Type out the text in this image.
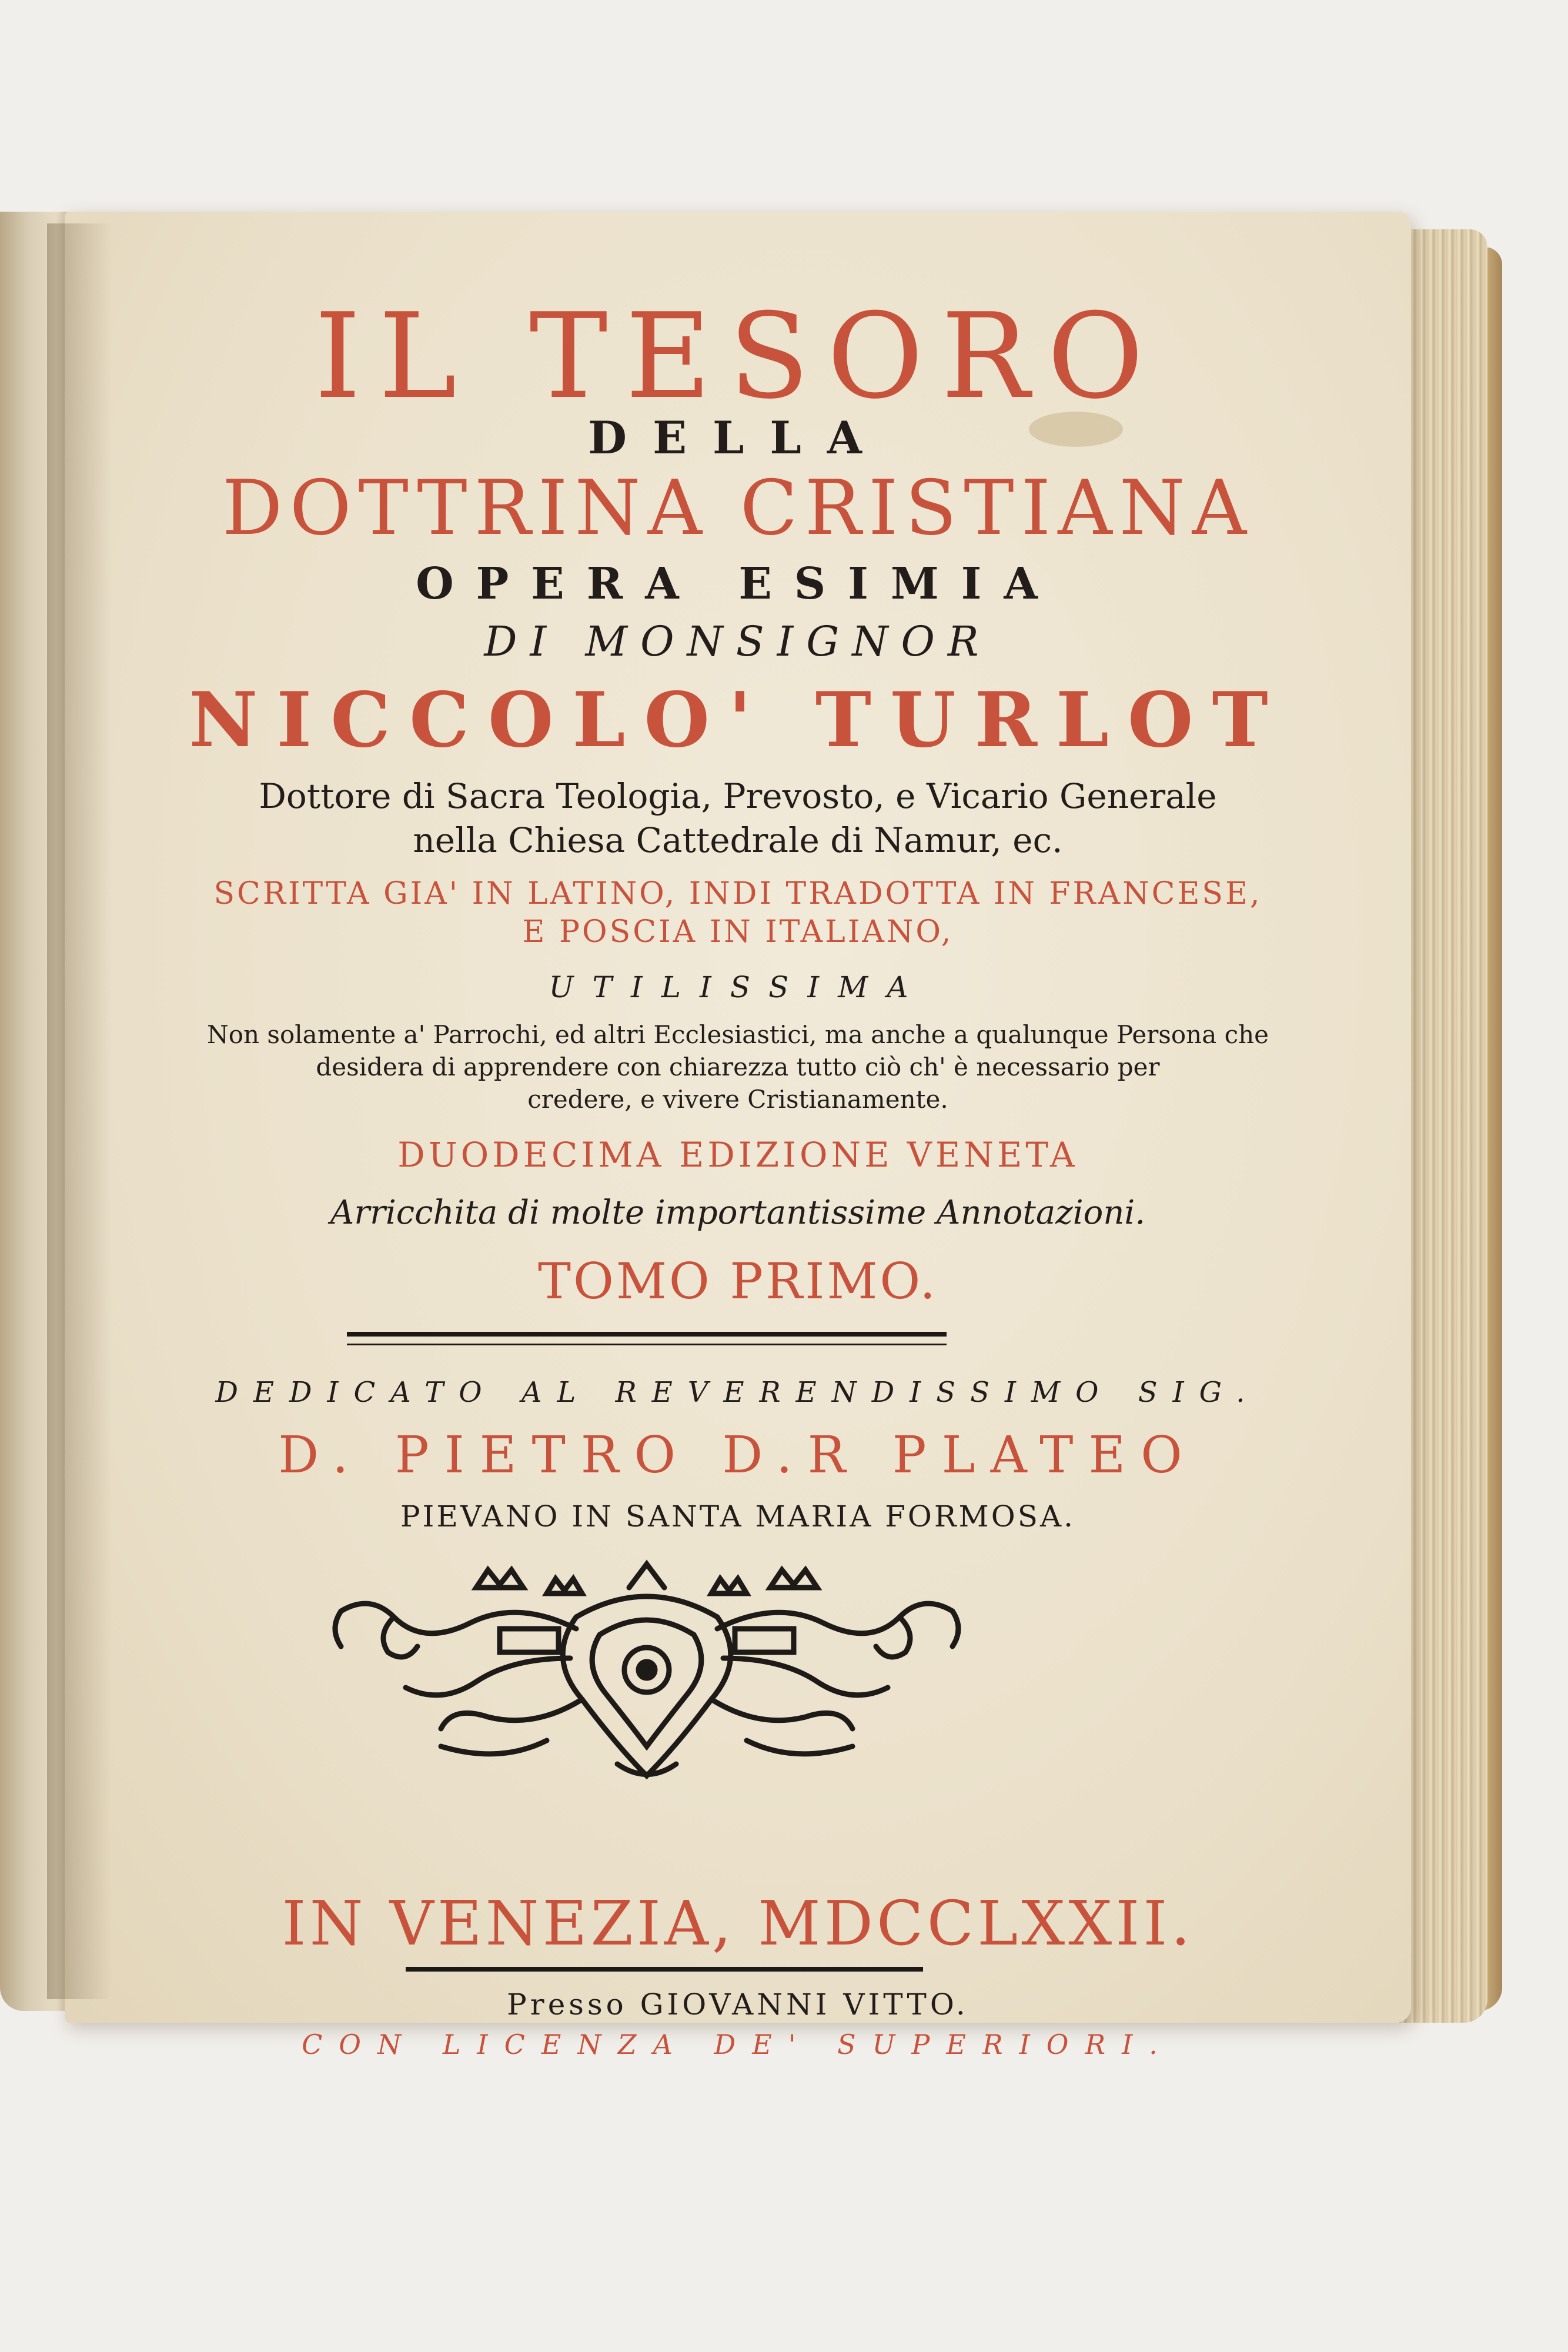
IL TESORO
DELLA
DOTTRINA CRISTIANA
OPERA ESIMIA
DI MONSIGNOR
NICCOLO' TURLOT
Dottore di Sacra Teologia, Prevosto, e Vicario Generale
nella Chiesa Cattedrale di Namur, ec.
SCRITTA GIA' IN LATINO, INDI TRADOTTA IN FRANCESE,
E POSCIA IN ITALIANO,
UTILISSIMA
Non solamente a' Parrochi, ed altri Ecclesiastici, ma anche a qualunque Persona che
desidera di apprendere con chiarezza tutto ciò ch' è necessario per
credere, e vivere Cristianamente.
DUODECIMA EDIZIONE VENETA
Arricchita di molte importantissime Annotazioni.
TOMO PRIMO.
DEDICATO AL REVERENDISSIMO SIG.
D. PIETRO D.R PLATEO
PIEVANO IN SANTA MARIA FORMOSA.
IN VENEZIA, MDCCLXXII.
Presso GIOVANNI VITTO.
CON LICENZA DE' SUPERIORI.
